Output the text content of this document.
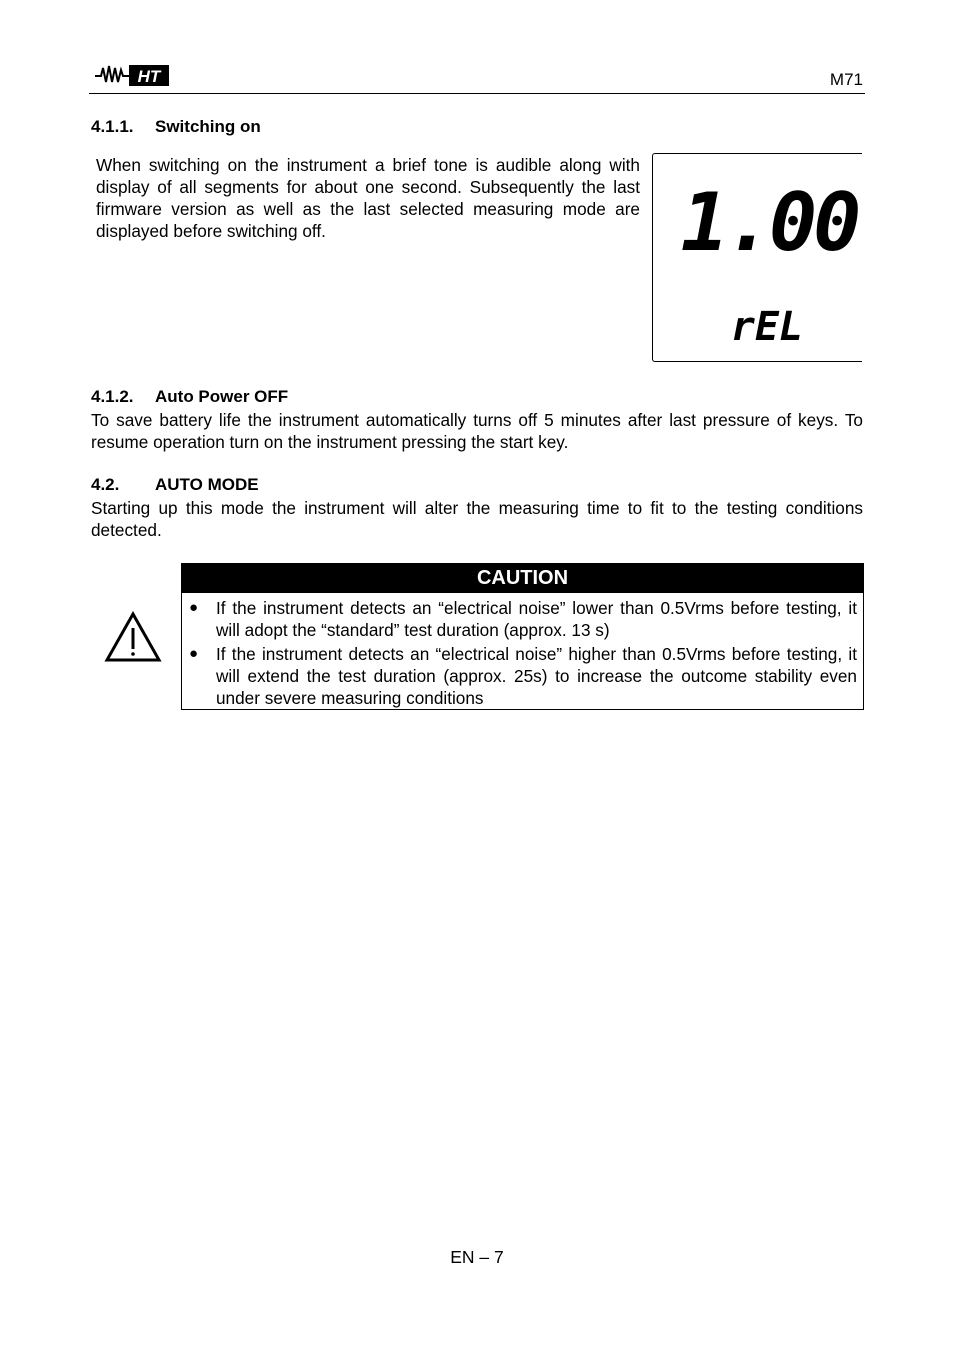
HT	M71
4.1.1. Switching on
When switching on the instrument a brief tone is audible along with display of all segments for about one second. Subsequently the last firmware version as well as the last selected measuring mode are displayed before switching off.	1.00
rEL
4.1.2. Auto Power OFF
To save battery life the instrument automatically turns off 5 minutes after last pressure of keys. To resume operation turn on the instrument pressing the start key.
4.2. AUTO MODE
Starting up this mode the instrument will alter the measuring time to fit to the testing conditions detected.
CAUTION
● If the instrument detects an “electrical noise” lower than 0.5Vrms before testing, it will adopt the “standard” test duration (approx. 13 s)
● If the instrument detects an “electrical noise” higher than 0.5Vrms before testing, it will extend the test duration (approx. 25s) to increase the outcome stability even under severe measuring conditions
EN – 7
